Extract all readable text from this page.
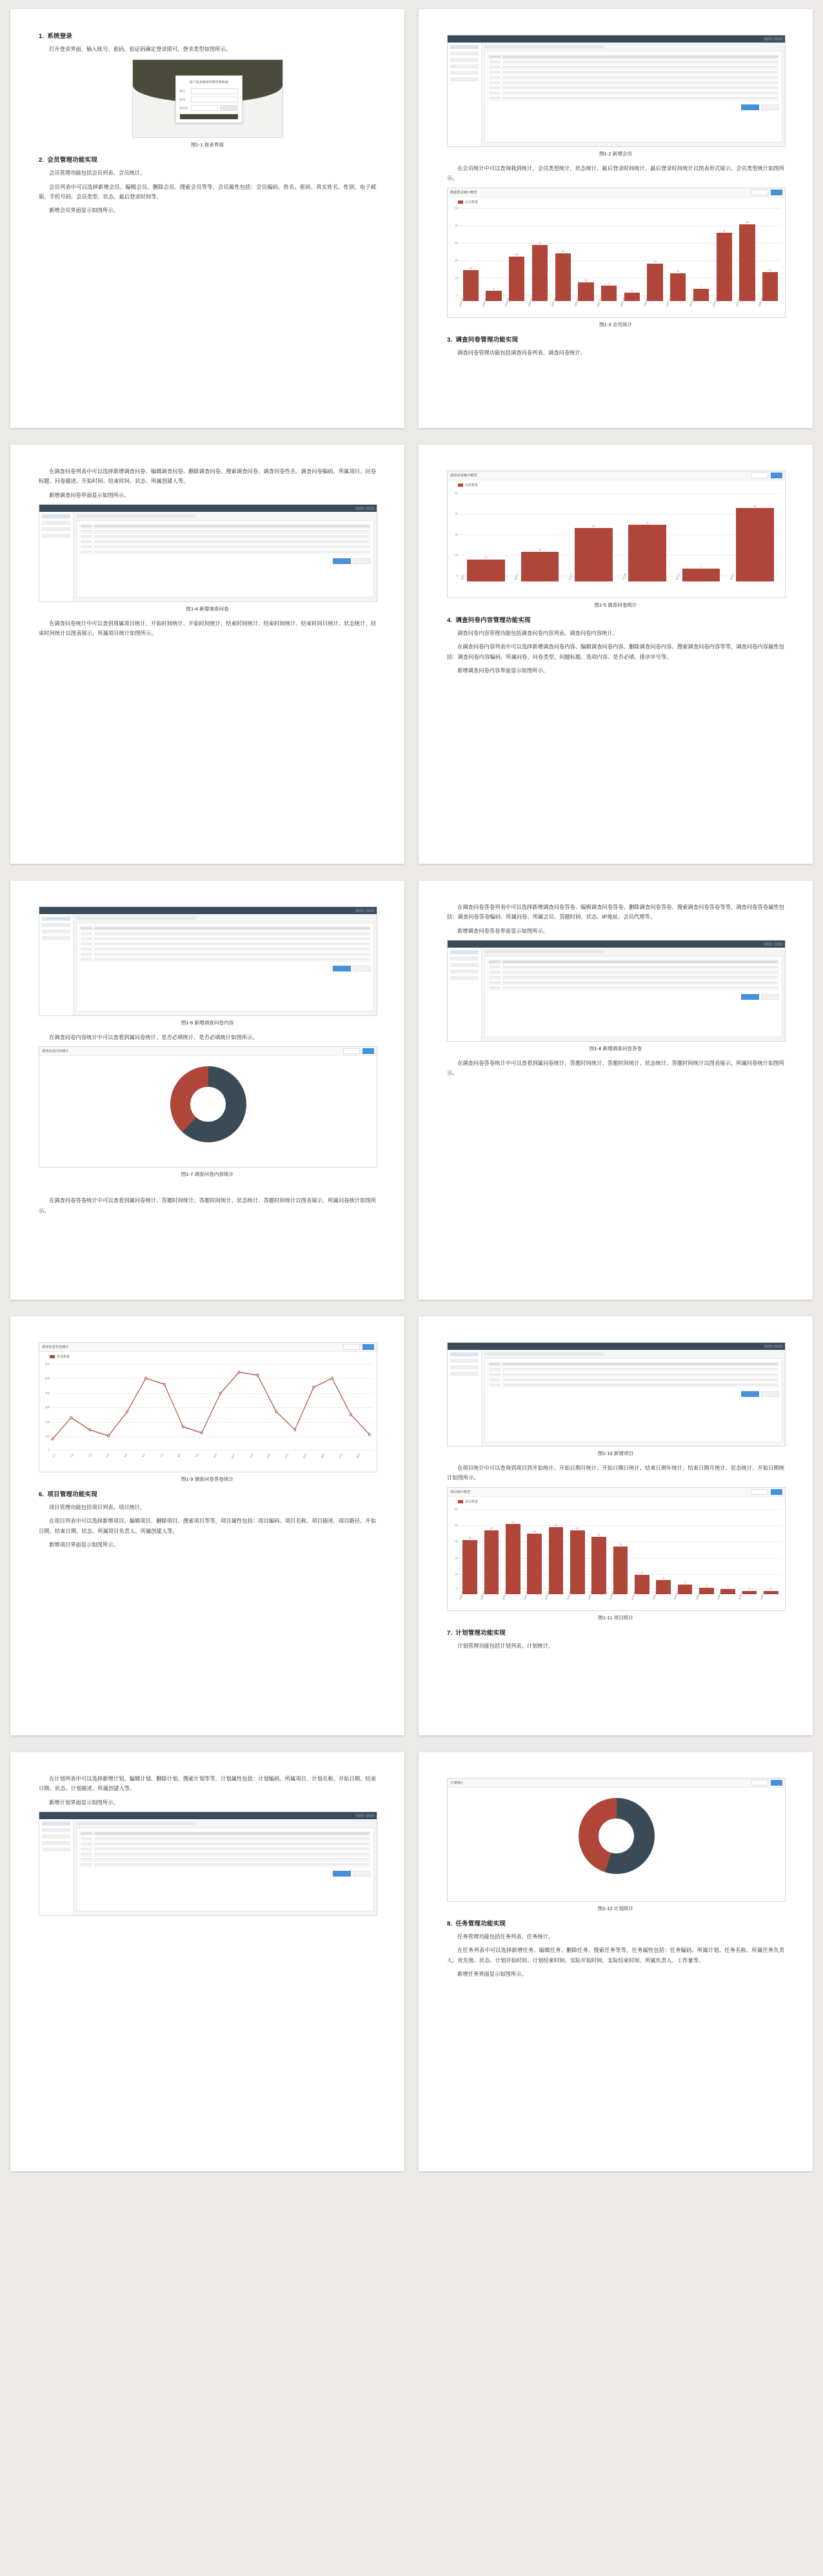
1. 系统登录

打开登录界面，输入账号、密码，验证码确定登录即可，登录类型如图所示。

用户需求调查管理管理系统
账号
密码
验证码
图1-1 登录界面
2. 会员管理功能实现

会员管理功能包括会员列表、会员统计。

会员列表中可以选择新增会员、编辑会员、删除会员、搜索会员等等，会员属性包括：会员编码、姓名、密码、真实姓名、性别、电子邮箱、手机号码、会员类型、状态、最后登录时间等。

新增会员界面显示如图所示。

图1-2 新增会员

在会员统计中可以查询我到统计，会员类型统计，状态统计，最后登录时间统计，最后登录时间统计以图表形式展示，会员类型统计如图所示。

数据图表统计模型
会员数量
50
40
30
20
10
0
18
6
26
33
28
11
9
5
22
16
7
40
45
17
2023-01	2023-02	2023-03	2023-04	2023-05	2023-06	2023-07	2023-08	2023-09	2023-10	2023-11	2023-12	2024-01	2024-02
图1-3 会员统计
3. 调查问卷管理功能实现

调查问卷管理功能包括调查问卷列表、调查问卷统计。

在调查问卷列表中可以选择新增调查问卷、编辑调查问卷、删除调查问卷、搜索调查问卷、调查问卷性名、调查问卷编码、所属项目、问卷标题、问卷描述、开始时间、结束时间、状态、所属创建人等。

新增调查问卷界面显示如图所示。

图1-4 新增调查问卷

在调查问卷统计中可以查到周属项目统计、开始时间统计、开始时间统计、结束时间统计、结束时间统计、结束时间目统计、状态统计、结束时间统计以图表展示，所属项目统计如图所示。

调查问卷统计模型
问卷数量
40
30
20
10
0
12
16
29
31
7
40
项目一	项目二	项目三	项目四	项目五	项目六
图1-5 调查问卷统计
4. 调查问卷内容管理功能实现

调查问卷内容管理功能包括调查问卷内容列表、调查问卷内容统计。

在调查问卷内容列表中可以选择新增调查问卷内容、编辑调查问卷内容、删除调查问卷内容、搜索调查问卷内容等等，调查问卷内容属性包括：调查问卷内容编码、所属问卷、问卷类型、问题标题、选项内容、是否必填、排序序号等。

新增调查问卷内容界面显示如图所示。

图1-6 新增调查问卷内容

在调查问卷内容统计中可以查看到属问卷统计、是否必填统计、是否必填统计如图所示。

调查问卷内容统计
图1-7 调查问卷内容统计

在调查问卷答卷统计中可以查看到属问卷统计、答题时间统计、答题时间统计、状态统计、答题时间统计以图表展示，所属问卷统计如图所示。

在调查问卷答卷列表中可以选择新增调查问卷答卷、编辑调查问卷答卷、删除调查问卷答卷、搜索调查问卷答卷等等，调查问卷答卷属性包括：调查问卷答卷编码、所属问卷、所属会员、答题时间、状态、IP地址、会员代理等。

新增调查问卷答卷界面显示如图所示。

图1-8 新增调查问卷答卷

在调查问卷答卷统计中可以查看到属问卷统计、答题时间统计、答题时间统计、状态统计、答题时间统计以图表展示，所属问卷统计如图所示。

调查问卷答卷统计
答卷数量
600
500
400
300
200
100
0
1月	2月	3月	4月	5月	6月	7月	8月	9月	10月	11月	12月	13月	14月	15月	16月	17月	18月
图1-9 调查问卷答卷统计
6. 项目管理功能实现

项目管理功能包括项目列表、项目统计。

在项目列表中可以选择新增项目、编辑项目、删除项目、搜索项目等等，项目属性包括：项目编码、项目名称、项目描述、项目路径、开始日期、结束日期、状态、所属项目负责人、所属创建人等。

新增项目界面显示如图所示。

图1-10 新增项目

在项目统计中可以查询到项目到开始统计、开始日期月统计、开始日期日统计、结束日期年统计、结束日期月统计、状态统计、开始日期统计如图所示。

项目统计模型
项目数量
50
40
30
20
10
0
34
40
44
38
42
40
36
30
12
9
6
4
3
2	2
2023-01	2023-02	2023-03	2023-04	2023-05	2023-06	2023-07	2023-08	2023-09	2023-10	2023-11	2023-12	2024-01	2024-02	2024-03
图1-11 项目统计
7. 计划管理功能实现

计划管理功能包括计划列表、计划统计。

在计划列表中可以选择新增计划、编辑计划、删除计划、搜索计划等等，计划属性包括：计划编码、所属项目、计划名称、开始日期、结束日期、状态、计划描述、所属创建人等。

新增计划界面显示如图所示。

计划统计
图1-12 计划统计
8. 任务管理功能实现

任务管理功能包括任务列表、任务统计。

在任务列表中可以选择新增任务、编辑任务、删除任务、搜索任务等等，任务属性包括：任务编码、所属计划、任务名称、所属任务负责人、优先级、状态、计划开始时间、计划结束时间、实际开始时间、实际结束时间、所属负责人、工作量等。

新增任务界面显示如图所示。
